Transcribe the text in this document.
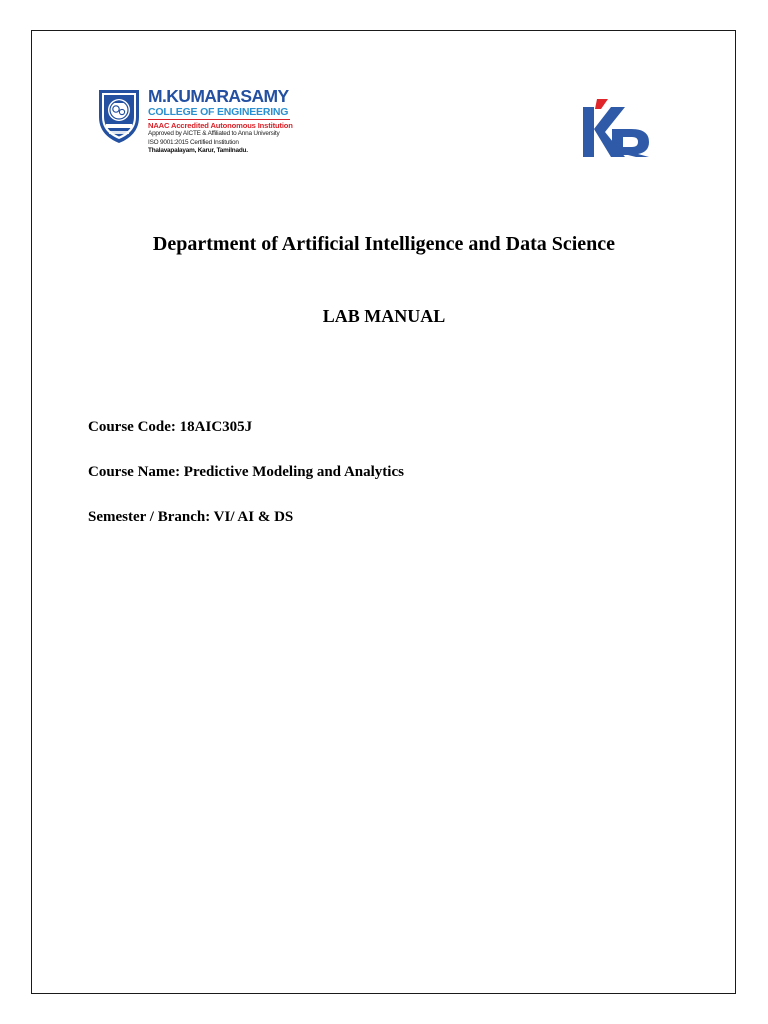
M.KUMARASAMY
COLLEGE OF ENGINEERING
NAAC Accredited Autonomous Institution
Approved by AICTE & Affiliated to Anna University
ISO 9001:2015 Certified Institution
Thalavapalayam, Karur, Tamilnadu.
Department of Artificial Intelligence and Data Science
LAB MANUAL
Course Code: 18AIC305J
Course Name: Predictive Modeling and Analytics
Semester / Branch: VI/ AI & DS
